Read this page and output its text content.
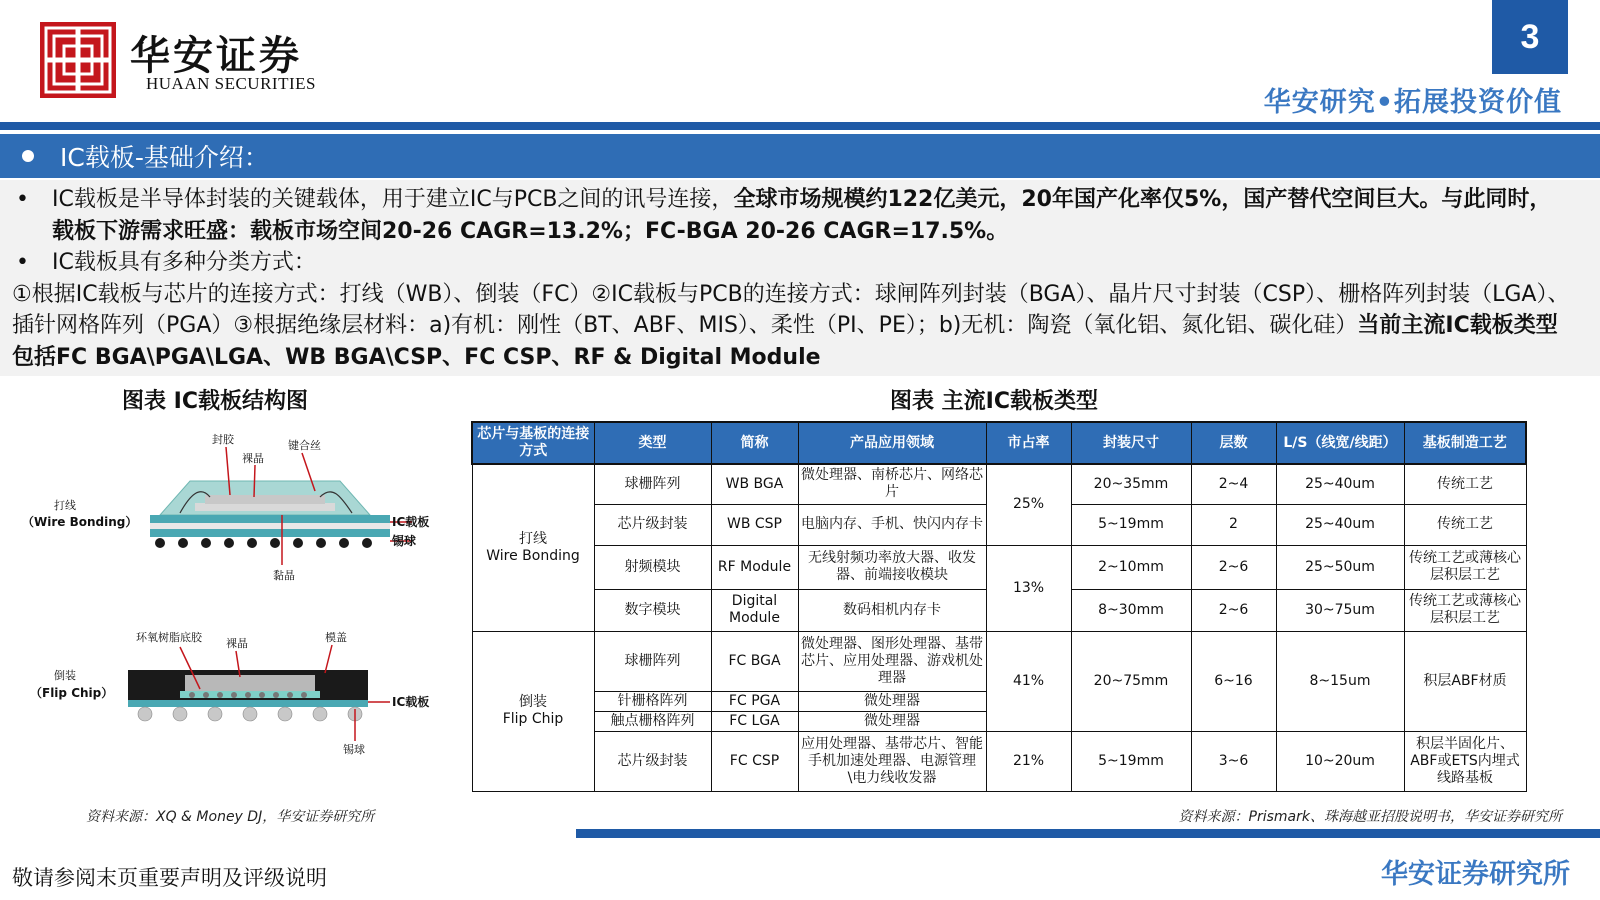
华安证券
HUAAN SECURITIES
3
华安研究•拓展投资价值
IC载板-基础介绍：
• IC载板是半导体封装的关键载体，用于建立IC与PCB之间的讯号连接，全球市场规模约122亿美元，20年国产化率仅5%，国产替代空间巨大。与此同时，载板下游需求旺盛：载板市场空间20-26 CAGR=13.2%；FC-BGA 20-26 CAGR=17.5%。
• IC载板具有多种分类方式：
①根据IC载板与芯片的连接方式：打线（WB）、倒装（FC）②IC载板与PCB的连接方式：球闸阵列封装（BGA）、晶片尺寸封装（CSP）、栅格阵列封装（LGA）、插针网格阵列（PGA）③根据绝缘层材料：a)有机：刚性（BT、ABF、MIS）、柔性（PI、PE）；b)无机：陶瓷（氧化铝、氮化铝、碳化硅）当前主流IC载板类型包括FC BGA\PGA\LGA、WB BGA\CSP、FC CSP、RF & Digital Module
图表 IC载板结构图	图表 主流IC载板类型
封胶
裸晶
键合丝
IC载板
锡球
黏晶
打线
（Wire Bonding）
环氧树脂底胶 裸晶	模盖
IC载板
锡球
倒装
（Flip Chip）
资料来源：XQ & Money DJ，华安证券研究所
芯片与基板的连接方式	类型	简称	产品应用领域	市占率	封装尺寸	层数	L/S（线宽/线距）	基板制造工艺

打线
Wire Bonding	球栅阵列	WB BGA	微处理器、南桥芯片、网络芯片	25%	20~35mm	2~4	25~40um	传统工艺
	芯片级封装	WB CSP	电脑内存、手机、快闪内存卡		5~19mm	2	25~40um	传统工艺
	射频模块	RF Module	无线射频功率放大器、收发器、前端接收模块	13%	2~10mm	2~6	25~50um	传统工艺或薄核心层积层工艺
	数字模块	Digital Module	数码相机内存卡		8~30mm	2~6	30~75um	传统工艺或薄核心层积层工艺

倒装
Flip Chip	球栅阵列	FC BGA	微处理器、图形处理器、基带芯片、应用处理器、游戏机处理器	41%	20~75mm	6~16	8~15um	积层ABF材质
	针栅格阵列	FC PGA	微处理器					
	触点栅格阵列	FC LGA	微处理器					
	芯片级封装	FC CSP	应用处理器、基带芯片、智能手机加速处理器、电源管理\电力线收发器	21%	5~19mm	3~6	10~20um	积层半固化片、ABF或ETS内埋式线路基板
资料来源：Prismark、珠海越亚招股说明书，华安证券研究所
敬请参阅末页重要声明及评级说明	华安证券研究所
